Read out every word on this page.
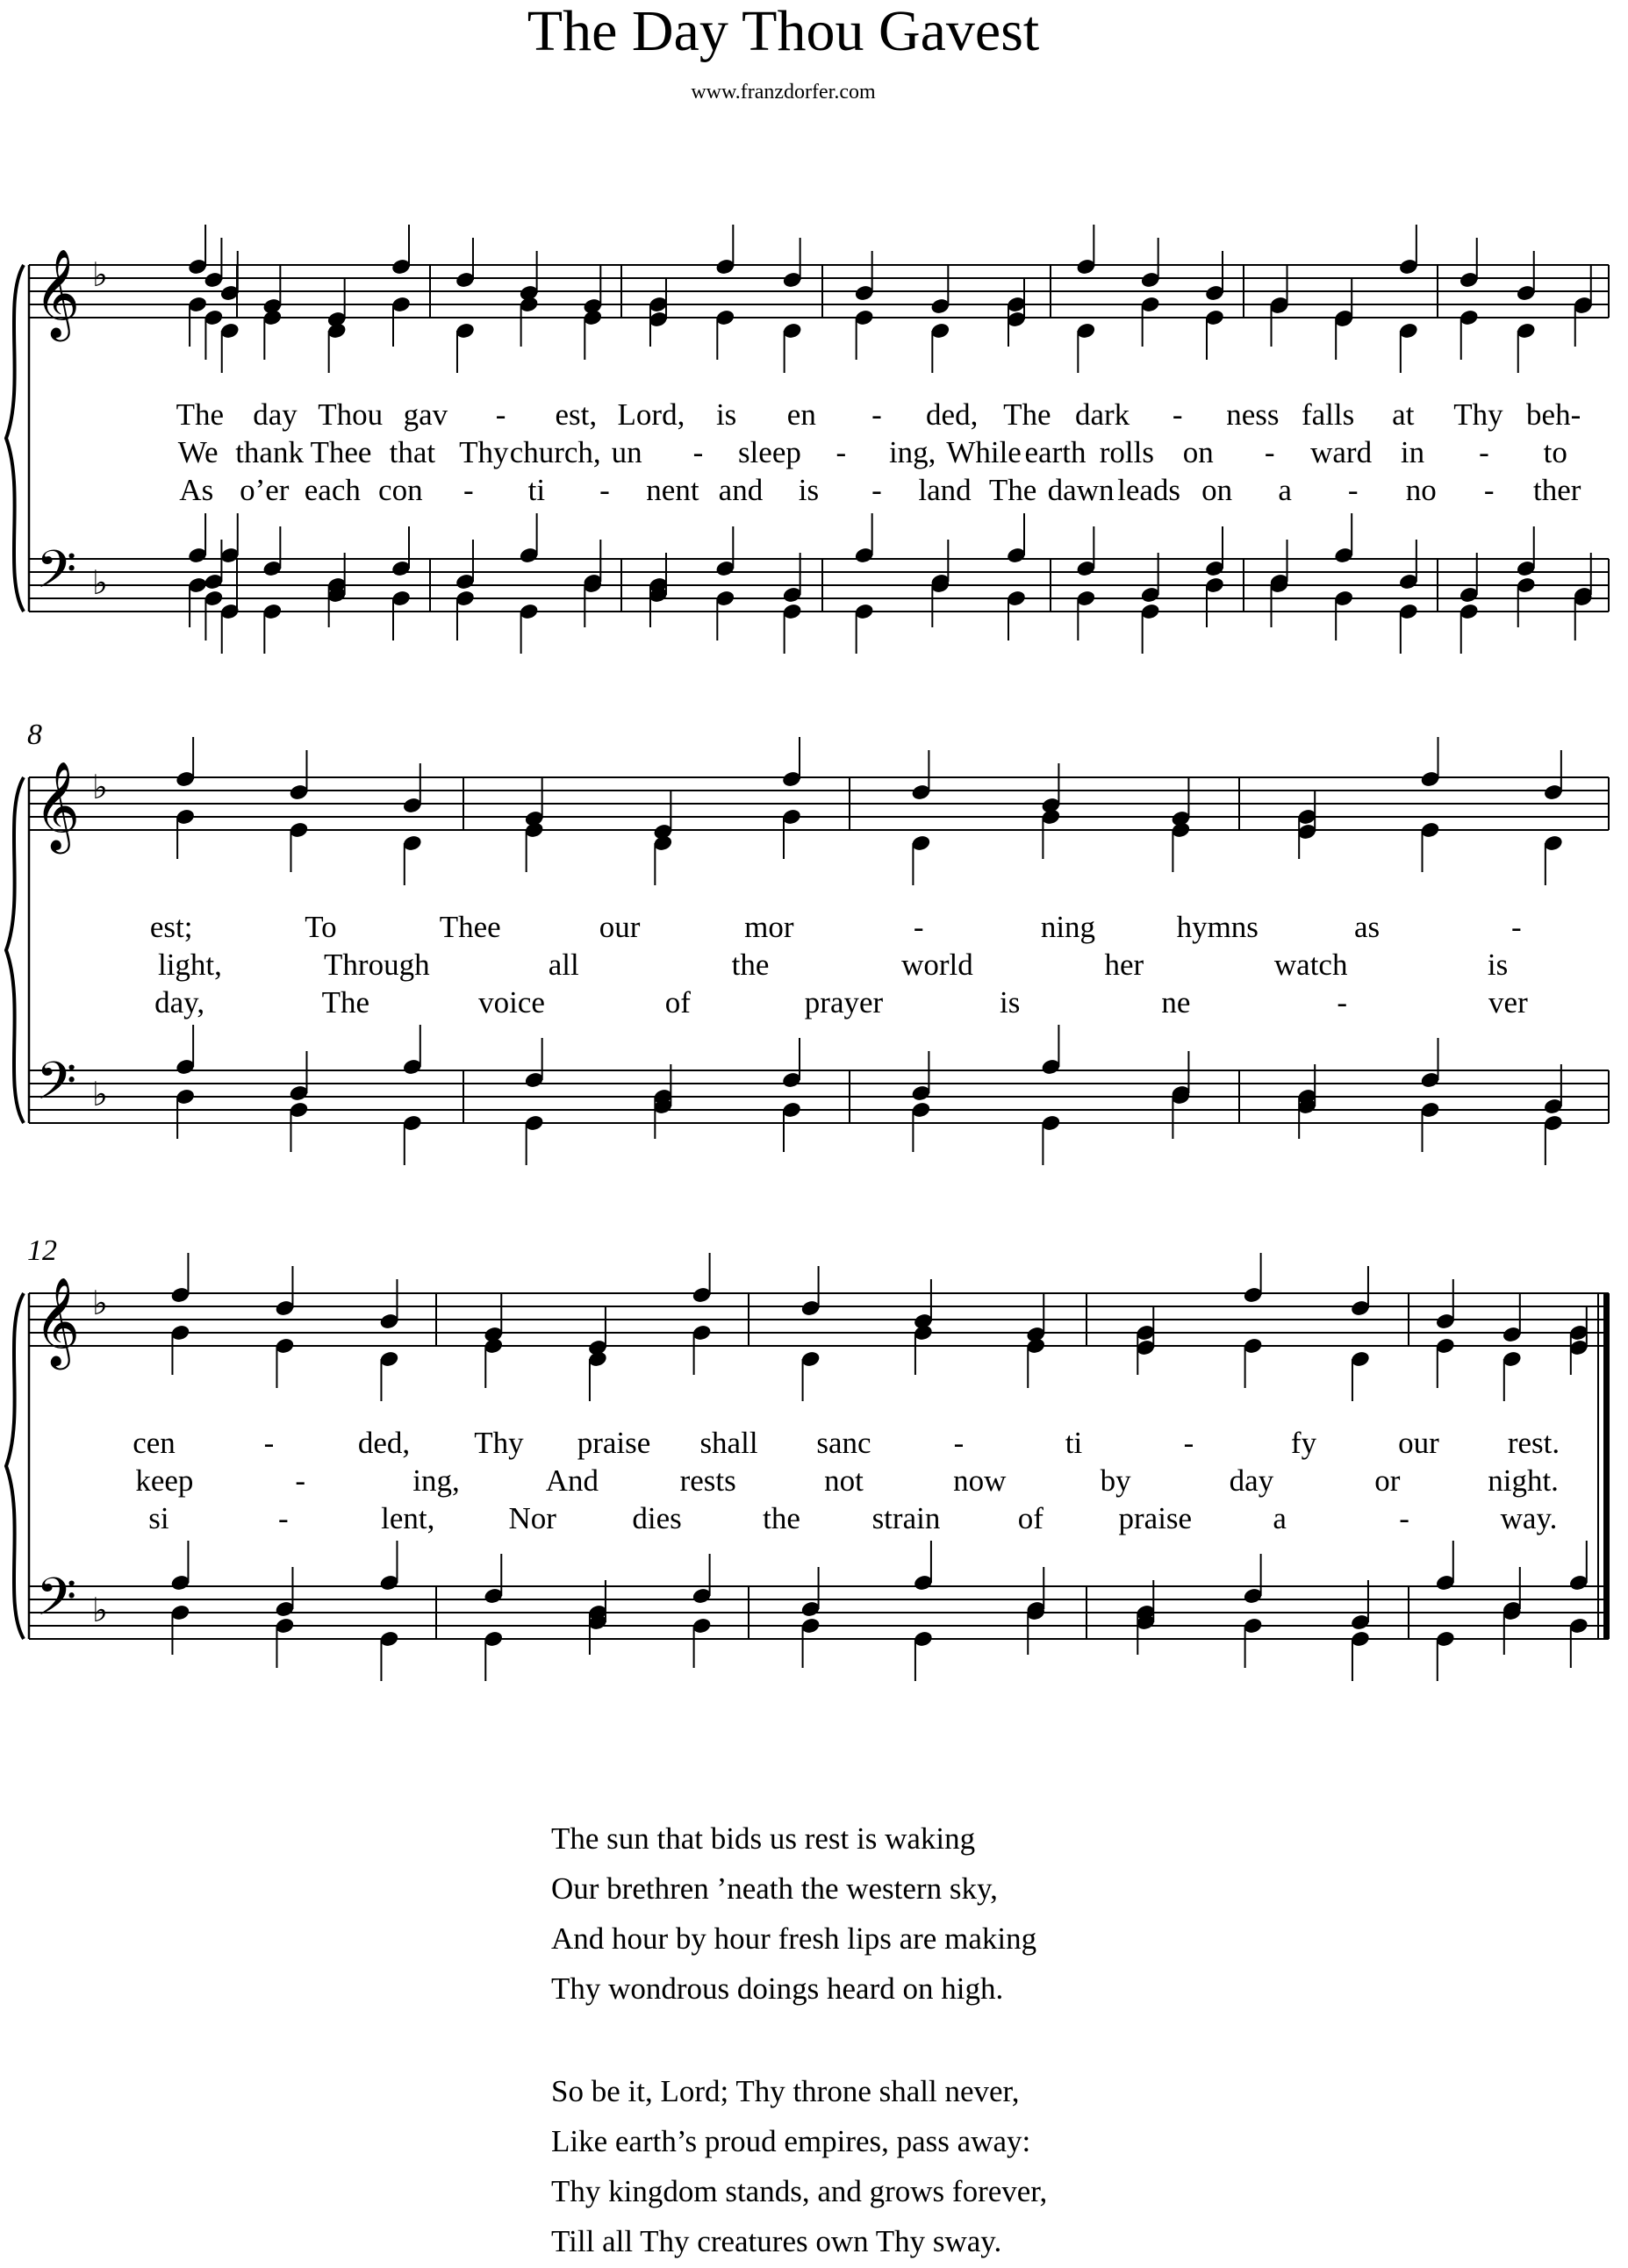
The Day Thou Gavest
www.franzdorfer.com
𝄞
𝄢
♭
♭
The day Thou gav - est, Lord, is en - ded, The dark - ness falls at Thy beh-
We thank Thee that Thy church, un - sleep - ing, While earth rolls on - ward in - to
As o’er each con - ti - nent and is - land The dawn leads on a - no - ther
𝄞
𝄢
♭
♭
8
est;	To	Thee	our	mor	-	ning	hymns	as	-
light,	Through	all	the	world	her	watch	is
day,	The	voice	of	prayer	is	ne	-	ver
𝄞
𝄢
♭
♭
12
cen	-	ded, Thy praise shall sanc	-	ti	-	fy	our rest.
keep	-	ing,	And	rests	not	now	by	day	or	night.
si	-	lent, Nor dies	the strain	of praise	a	-	way.
The sun that bids us rest is waking
Our brethren ’neath the western sky,
And hour by hour fresh lips are making
Thy wondrous doings heard on high.
So be it, Lord; Thy throne shall never,
Like earth’s proud empires, pass away:
Thy kingdom stands, and grows forever,
Till all Thy creatures own Thy sway.
